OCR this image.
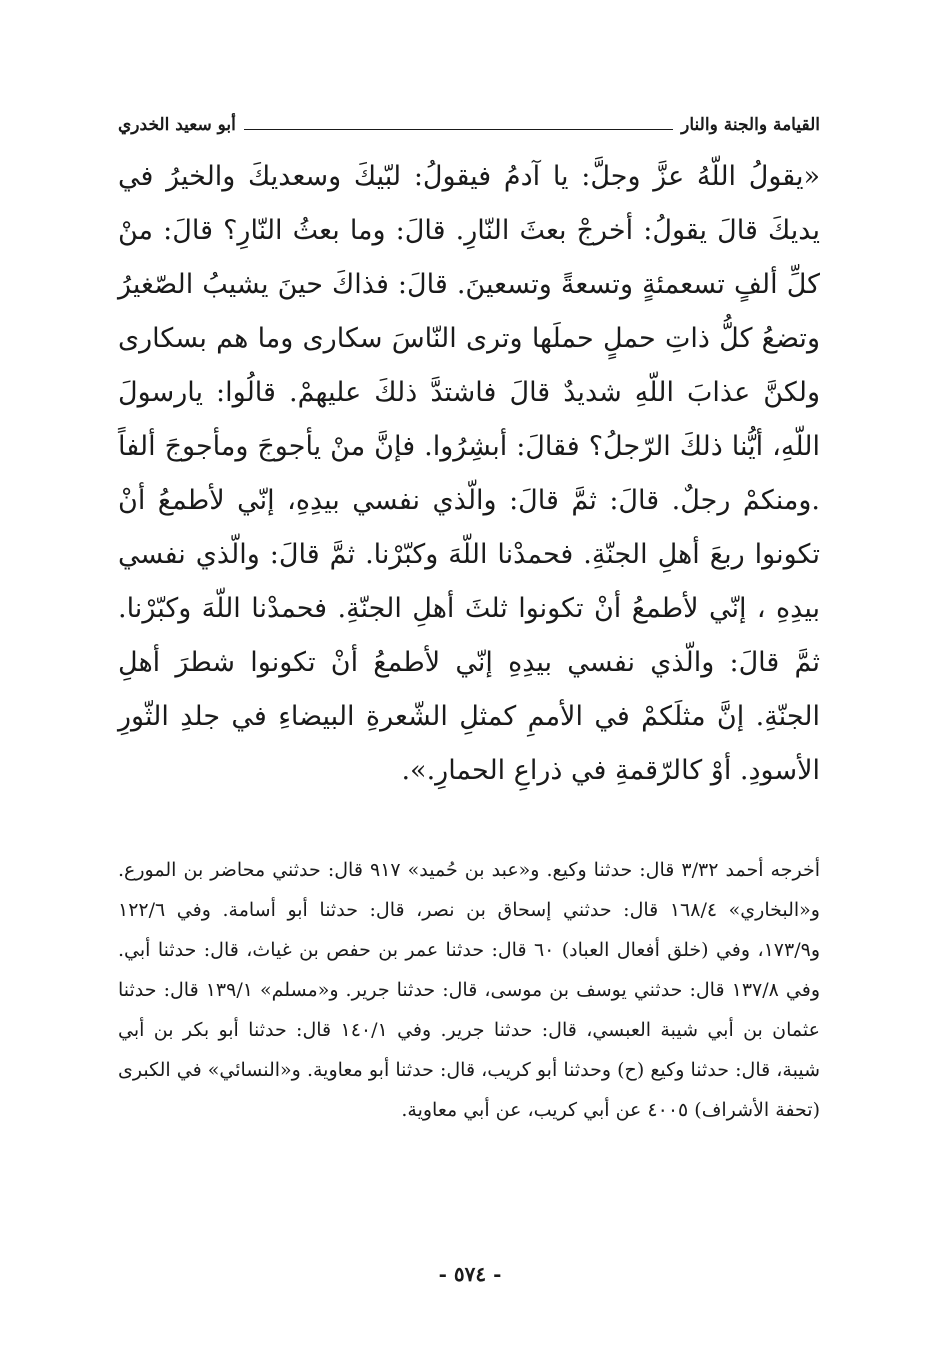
القيامة والجنة والنار
أبو سعيد الخدري

«يقولُ اللّهُ عزَّ وجلَّ: يا آدمُ فيقولُ: لبّيكَ وسعديكَ والخيرُ في يديكَ قالَ يقولُ: أخرجْ بعثَ النّارِ. قالَ: وما بعثُ النّارِ؟ قالَ: منْ كلِّ ألفٍ تسعمئةٍ وتسعةً وتسعينَ. قالَ: فذاكَ حينَ يشيبُ الصّغيرُ وتضعُ كلُّ ذاتِ حملٍ حملَها وترى النّاسَ سكارى وما هم بسكارى ولكنَّ عذابَ اللّهِ شديدٌ قالَ فاشتدَّ ذلكَ عليهمْ. قالُوا: يارسولَ اللّهِ، أيُّنا ذلكَ الرّجلُ؟ فقالَ: أبشِرُوا. فإنَّ منْ يأجوجَ ومأجوجَ ألفاً .ومنكمْ رجلٌ. قالَ: ثمَّ قالَ: والّذي نفسي بيدِهِ، إنّي لأطمعُ أنْ تكونوا ربعَ أهلِ الجنّةِ. فحمدْنا اللّهَ وكبّرْنا. ثمَّ قالَ: والّذي نفسي بيدِهِ ، إنّي لأطمعُ أنْ تكونوا ثلثَ أهلِ الجنّةِ. فحمدْنا اللّهَ وكبّرْنا. ثمَّ قالَ: والّذي نفسي بيدِهِ إنّي لأطمعُ أنْ تكونوا شطرَ أهلِ الجنّةِ. إنَّ مثلَكمْ في الأممِ كمثلِ الشّعرةِ البيضاءِ في جلدِ الثّورِ الأسودِ. أوْ كالرّقمةِ في ذراعِ الحمارِ.».

أخرجه أحمد ٣/٣٢ قال: حدثنا وكيع. و«عبد بن حُميد» ٩١٧ قال: حدثني محاضر بن المورع. و«البخاري» ١٦٨/٤ قال: حدثني إسحاق بن نصر، قال: حدثنا أبو أسامة. وفي ١٢٢/٦ و١٧٣/٩، وفي (خلق أفعال العباد) ٦٠ قال: حدثنا عمر بن حفص بن غياث، قال: حدثنا أبي. وفي ١٣٧/٨ قال: حدثني يوسف بن موسى، قال: حدثنا جرير. و«مسلم» ١٣٩/١ قال: حدثنا عثمان بن أبي شيبة العبسي، قال: حدثنا جرير. وفي ١٤٠/١ قال: حدثنا أبو بكر بن أبي شيبة، قال: حدثنا وكيع (ح) وحدثنا أبو كريب، قال: حدثنا أبو معاوية. و«النسائي» في الكبرى (تحفة الأشراف) ٤٠٠٥ عن أبي كريب، عن أبي معاوية.

- ٥٧٤ -
